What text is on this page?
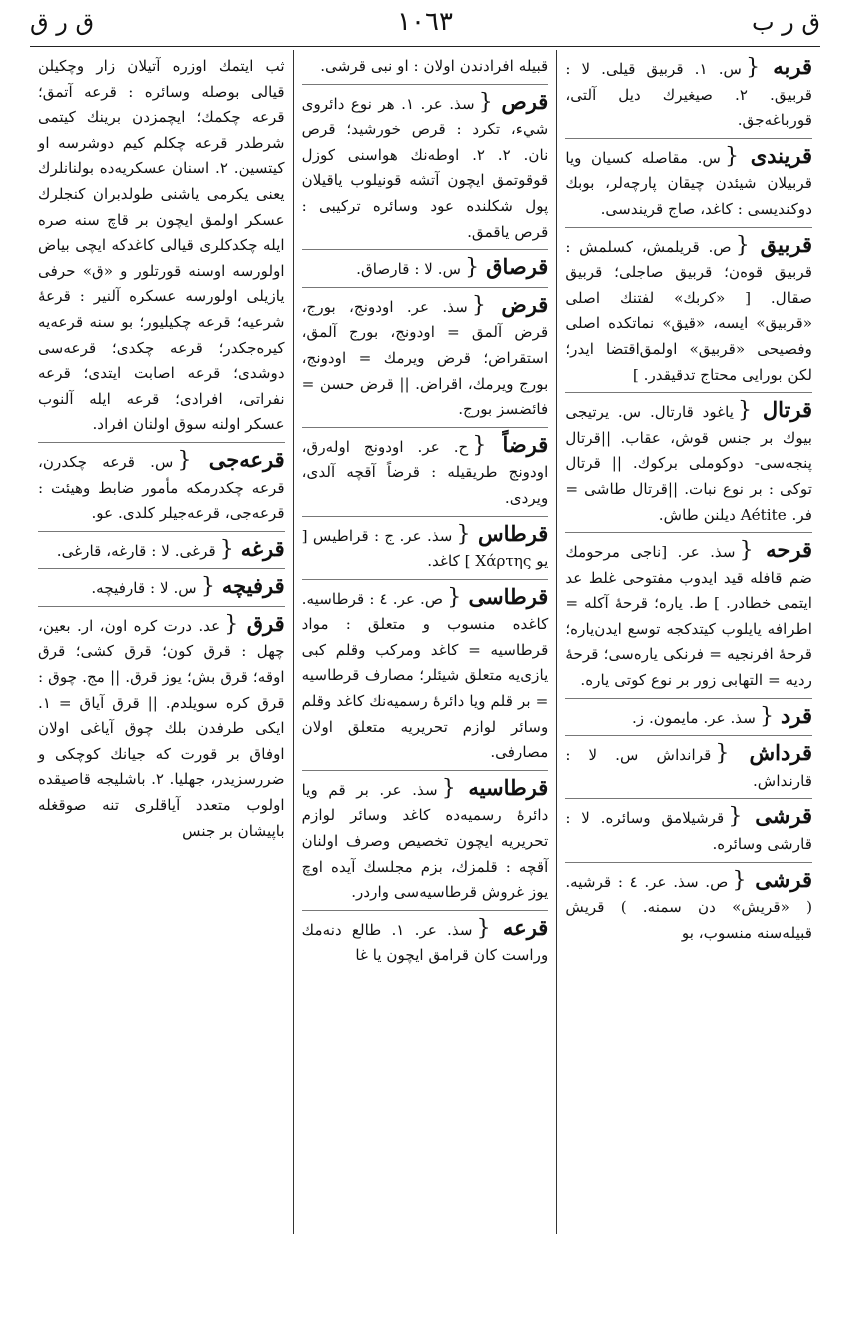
ق ر ق	١٠٦٣	ق ر ب

قربه‌ {س. ١. قربيق قيلى. لا : قربيق. ٢. صيغيرك ديل آلتى، قورباغه‌جق.

قريندى {س. مقاصله كسيان ويا قربيلان شيئدن چيقان پارچه‌لر، بوبك دوكنديسى : كاغد، صاج قريندسى.

قربيق {ص. قريلمش، كسلمش : قربيق قوه‌ن؛ قربيق صاجلى؛ قربيق صقال. [ «كربك» لفتنك اصلى «قربيق» ايسه، «قيق» نماتكده اصلى وفصيحى «قربيق» اولمق‌اقتضا ايدر؛ لكن بورايى محتاج تدقيقدر. ]

قرتال {ياغود قارتال. س. يرتيجى بيوك بر جنس قوش، عقاب. ||قرتال پنجه‌سى- دوكوملى بركوك. || قرتال توكى : بر نوع نبات. ||قرتال طاشى = فر. Aétite ديلنن طاش.

قرحه {سذ. عر. [ناجى مرحومك ضم قافله قيد ايدوب مفتوحى غلط عد ايتمى خطادر. ] ط. ياره؛ قرحهٔ آكله = اطرافه يايلوب كيتدكجه توسع ايدن‌ياره؛ قرحهٔ افرنجيه = فرنكى ياره‌سى؛ قرحهٔ رديه = التهابى زور بر نوع كوتى ياره.

قرد {سذ. عر. مايمون. ز.

قرداش {قرانداش س. لا : قارنداش.

قرشى {قرشيلامق وسائره. لا : قارشى وسائره.

قرشى {ص. سذ. عر. ٤ : قرشيه. ( «قريش» دن سمنه. ) قريش قبيله‌سنه منسوب، بو

قبيله افرادندن اولان : او نبى قرشى.

قرص {سذ. عر. ١. هر نوع دائروى شيء، تكرد : قرص خورشيد؛ قرص نان. ٢. ٢. اوطه‌نك هواسنى كوزل قوقوتمق ايچون آتشه قونيلوب ياقيلان پول شكلنده عود وسائره تركيبى : قرص ياقمق.

قرصاق {س. لا : قارصاق.

قرض {سذ. عر. اودونج، بورج، قرض آلمق = اودونج، بورج آلمق، استقراض؛ قرض ويرمك = اودونج، بورج ويرمك، اقراض. || قرض حسن = فائضسز بورج.

قرضاً {ح. عر. اودونج اوله‌رق، اودونج طريقيله : قرضاً آقچه آلدى، ويردى.

قرطاس {سذ. عر. ج : قراطيس [ يو Χάρτης ] كاغد.

قرطاسى {ص. عر. ٤ : قرطاسيه. كاغده منسوب و متعلق : مواد قرطاسيه = كاغد ومركب وقلم كبى يازى‌يه متعلق شيئلر؛ مصارف قرطاسيه = بر قلم ويا دائرهٔ رسميه‌نك كاغد وقلم وسائر لوازم تحريريه متعلق اولان مصارفى.

قرطاسيه {سذ. عر. بر قم ويا دائرهٔ رسميه‌ده كاغد وسائر لوازم تحريريه ايچون تخصيص وصرف اولنان آقچه : قلمزك، بزم مجلسك آيده اوچ يوز غروش قرطاسيه‌سى واردر.

قرعه {سذ. عر. ١. طالع دنه‌مك وراست كان قرامق ايچون يا غا

ثب ايتمك اوزره آتيلان زار وچكيلن قيالى بوصله وسائره : قرعه آتمق؛ قرعه چكمك؛ ايچمزدن برينك كيتمى شرطدر قرعه چكلم كيم دوشرسه او كيتسين. ٢. اسنان عسكريه‌ده بولنانلرك يعنى يكرمى ياشنى طولدبران كنجلرك عسكر اولمق ايچون بر قاچ سنه صره ايله چكدكلرى قيالى كاغدكه ايچى بياض اولورسه اوسنه قورتلور و «ق» حرفى يازيلى اولورسه عسكره آلنير : قرعهٔ شرعيه؛ قرعه چكيليور؛ بو سنه قرعه‌يه كيره‌جكدر؛ قرعه چكدى؛ قرعه‌سى دوشدى؛ قرعه اصابت ايتدى؛ قرعه نفراتى، افرادى؛ قرعه ايله آلنوب عسكر اولنه سوق اولنان افراد.

قرعه‌جى {س. قرعه چكدرن، قرعه چكدرمكه مأمور ضابط وهيئت : قرعه‌جى، قرعه‌جيلر كلدى. عو.

قرغه {قرغى. لا : قارغه، قارغى.

قرفيچه {س. لا : قارفيچه.

قرق {عد. درت كره اون، ار. بعين، چهل : قرق كون؛ قرق كشى؛ قرق اوقه؛ قرق بش؛ يوز قرق. || مج. چوق : قرق كره سويلدم. || قرق آياق = ١. ايكى طرفدن بلك چوق آياغى اولان اوفاق بر قورت كه جيانك كوچكى و ضررسزيدر، جهليا. ٢. باشليجه قاصيقده اولوب متعدد آياقلرى تنه صوقغله باپيشان بر جنس
